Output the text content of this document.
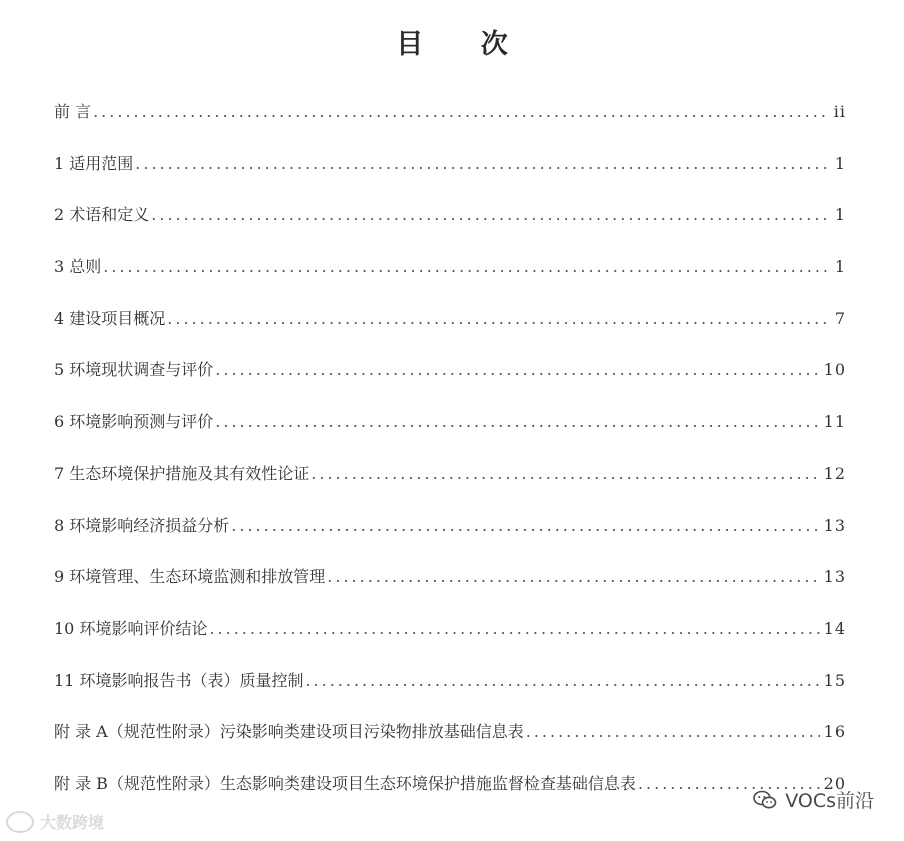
目 次
前 言 .....	ii
1 适用范围 .....	1
2 术语和定义 .....	1
3 总则 .....	1
4 建设项目概况 .....	7
5 环境现状调查与评价 .....	10
6 环境影响预测与评价 .....	11
7 生态环境保护措施及其有效性论证 .....	12
8 环境影响经济损益分析 .....	13
9 环境管理、生态环境监测和排放管理 .....	13
10 环境影响评价结论 .....	14
11 环境影响报告书（表）质量控制 .....	15
附 录 A（规范性附录）污染影响类建设项目污染物排放基础信息表 .....	16
附 录 B（规范性附录）生态影响类建设项目生态环境保护措施监督检查基础信息表 .....	20
大数跨境
VOCs前沿
